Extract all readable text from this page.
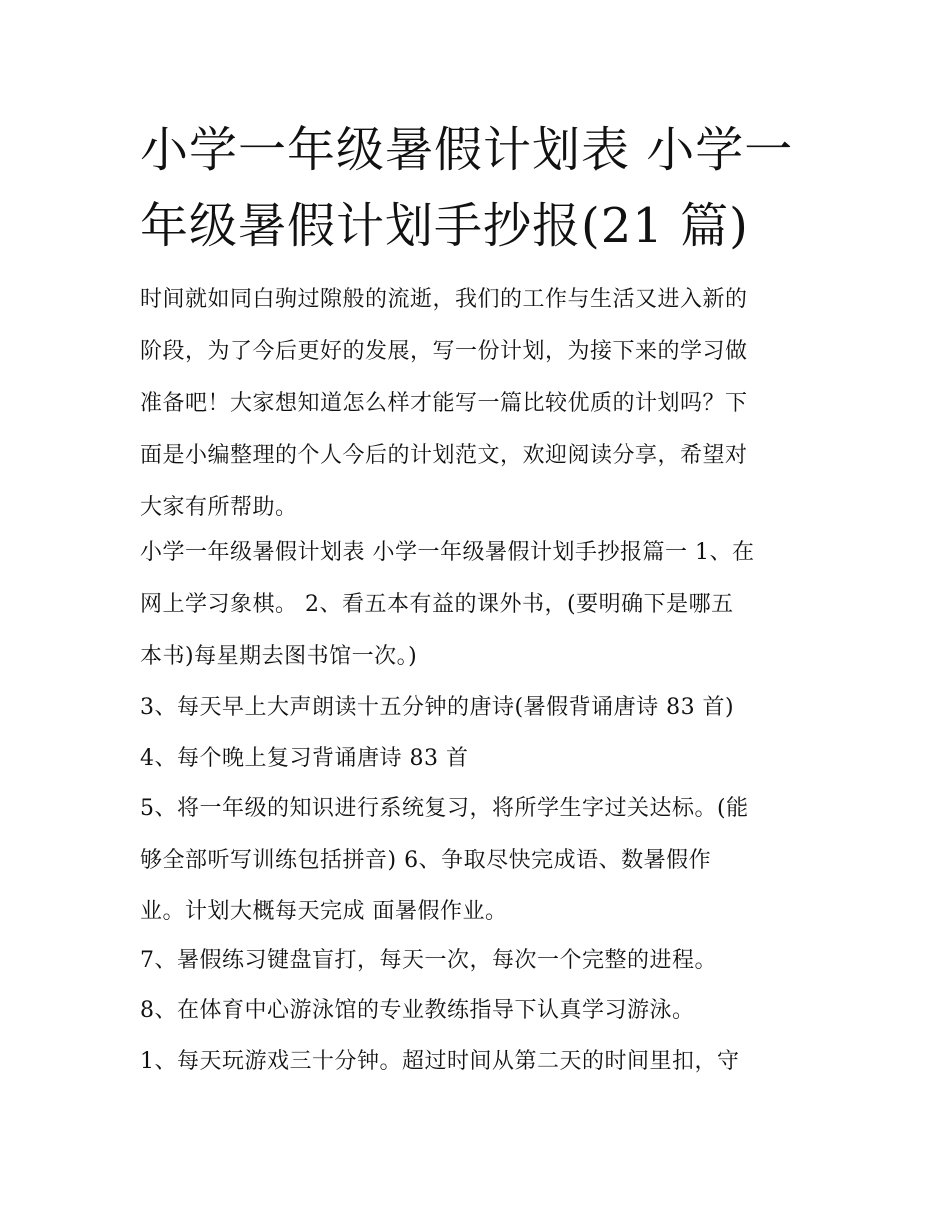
小学一年级暑假计划表 小学一
年级暑假计划手抄报(21 篇)

时间就如同白驹过隙般的流逝，我们的工作与生活又进入新的

阶段，为了今后更好的发展，写一份计划，为接下来的学习做

准备吧！大家想知道怎么样才能写一篇比较优质的计划吗？下

面是小编整理的个人今后的计划范文，欢迎阅读分享，希望对

大家有所帮助。

小学一年级暑假计划表 小学一年级暑假计划手抄报篇一 1、在

网上学习象棋。 2、看五本有益的课外书，(要明确下是哪五

本书)每星期去图书馆一次。)

3、每天早上大声朗读十五分钟的唐诗(暑假背诵唐诗 83 首)

4、每个晚上复习背诵唐诗 83 首

5、将一年级的知识进行系统复习，将所学生字过关达标。(能

够全部听写训练包括拼音) 6、争取尽快完成语、数暑假作

业。计划大概每天完成 面暑假作业。

7、暑假练习键盘盲打，每天一次，每次一个完整的进程。

8、在体育中心游泳馆的专业教练指导下认真学习游泳。

1、每天玩游戏三十分钟。超过时间从第二天的时间里扣，守
